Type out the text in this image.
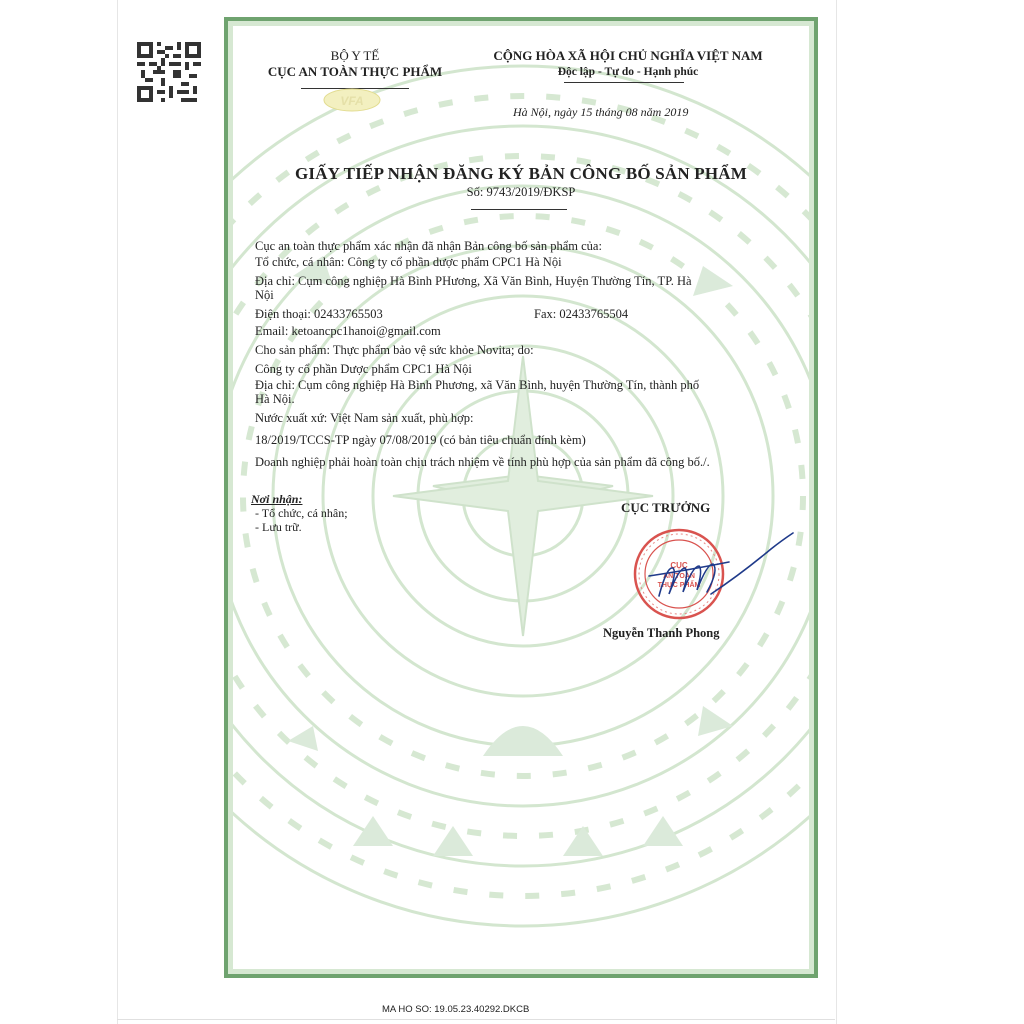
BỘ Y TẾ
CỤC AN TOÀN THỰC PHẨM
VFA
CỘNG HÒA XÃ HỘI CHỦ NGHĨA VIỆT NAM
Độc lập - Tự do - Hạnh phúc
Hà Nội, ngày 15 tháng 08 năm 2019
GIẤY TIẾP NHẬN ĐĂNG KÝ BẢN CÔNG BỐ SẢN PHẨM
Số: 9743/2019/ĐKSP
Cục an toàn thực phẩm xác nhận đã nhận Bản công bố sản phẩm của:
Tổ chức, cá nhân: Công ty cổ phần dược phẩm CPC1 Hà Nội
Địa chỉ: Cụm công nghiệp Hà Bình PHương, Xã Văn Bình, Huyện Thường Tín, TP. Hà
Nội
Điện thoại: 02433765503	Fax: 02433765504
Email: ketoancpc1hanoi@gmail.com
Cho sản phẩm: Thực phẩm bảo vệ sức khỏe Novita; do:
Công ty cổ phần Dược phẩm CPC1 Hà Nội
Địa chỉ: Cụm công nghiệp Hà Bình Phương, xã Văn Bình, huyện Thường Tín, thành phố
Hà Nội.
Nước xuất xứ: Việt Nam sản xuất, phù hợp:
18/2019/TCCS-TP ngày 07/08/2019 (có bản tiêu chuẩn đính kèm)
Doanh nghiệp phải hoàn toàn chịu trách nhiệm về tính phù hợp của sản phẩm đã công bố./.
Nơi nhận:
- Tổ chức, cá nhân;
- Lưu trữ.
CỤC TRƯỞNG
CỤC
AN TOÀN
THỰC PHẨM
Nguyễn Thanh Phong
MA HO SO: 19.05.23.40292.DKCB
